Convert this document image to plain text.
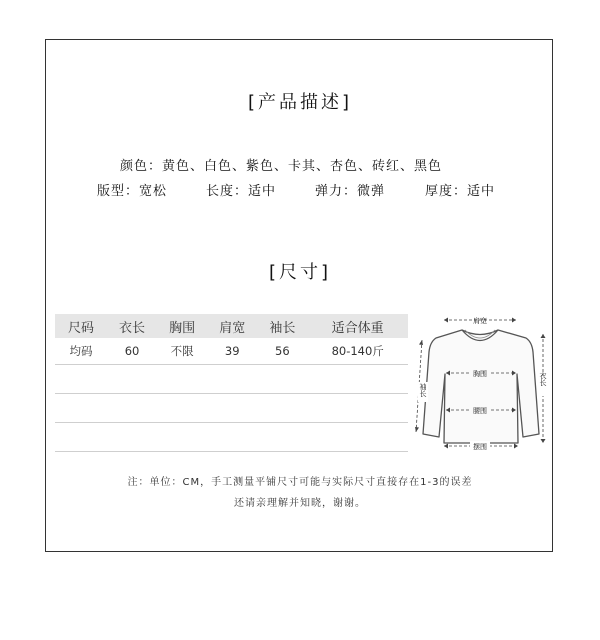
[产品描述]
颜色：黄色、白色、紫色、卡其、杏色、砖红、黑色
版型：宽松	长度：适中	弹力：微弹	厚度：适中
[尺寸]
尺码	衣长	胸围	肩宽	袖长	适合体重
均码	60	不限	39	56	80-140斤

肩宽
胸围
腰围
摆围
袖长
衣长
注：单位：CM，手工测量平铺尺寸可能与实际尺寸直接存在1-3的误差
还请亲理解并知晓，谢谢。
